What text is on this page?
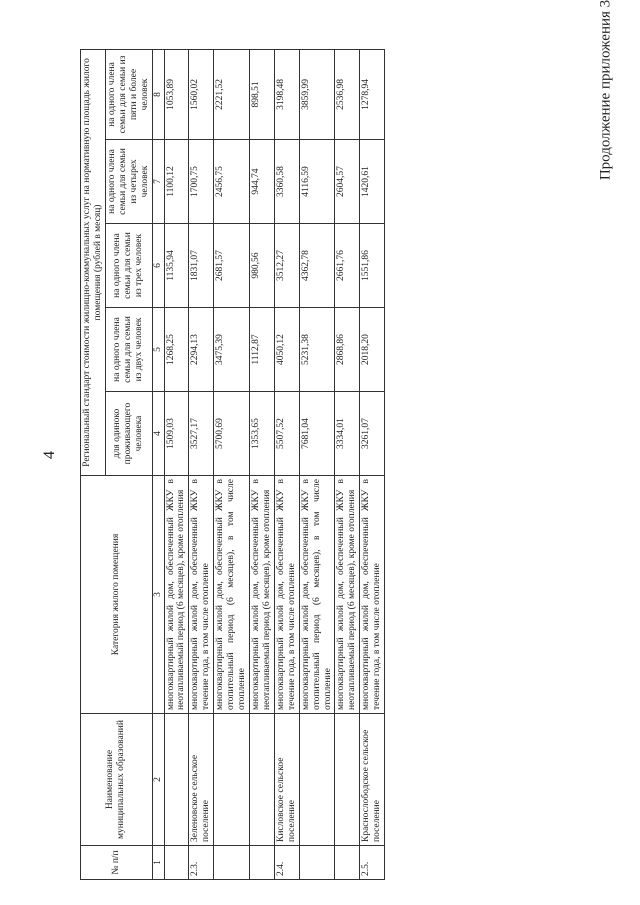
4
Продолжение приложения 3
№ п/п	Наименование муниципальных образований	Категория жилого помещения	Региональный стандарт стоимости жилищно-коммунальных услуг на нормативную площадь жилого помещения (рублей в месяц)				
			для одиноко проживающего человека	на одного члена семьи для семьи из двух человек	на одного члена семьи для семьи из трех человек	на одного члена семьи для семьи из четырех человек	на одного члена семьи для семьи из пяти и более человек
1	2	3	4	5	6	7	8
		многоквартирный жилой дом, обеспеченный ЖКУ в неотапливаемый период (6 месяцев), кроме отопления	1509,03	1268,25	1135,94	1100,12	1053,89
2.3.	Зеленовское сельское поселение	многоквартирный жилой дом, обеспеченный ЖКУ в течение года, в том числе отопление	3527,17	2294,13	1831,07	1700,75	1560,02
		многоквартирный жилой дом, обеспеченный ЖКУ в отопительный период (6 месяцев), в том числе отопление	5700,69	3475,39	2681,57	2456,75	2221,52
		многоквартирный жилой дом, обеспеченный ЖКУ в неотапливаемый период (6 месяцев), кроме отопления	1353,65	1112,87	980,56	944,74	898,51
2.4.	Кисловское сельское поселение	многоквартирный жилой дом, обеспеченный ЖКУ в течение года, в том числе отопление	5507,52	4050,12	3512,27	3360,58	3198,48
		многоквартирный жилой дом, обеспеченный ЖКУ в отопительный период (6 месяцев), в том числе отопление	7681,04	5231,38	4362,78	4116,59	3859,99
		многоквартирный жилой дом, обеспеченный ЖКУ в неотапливаемый период (6 месяцев), кроме отопления	3334,01	2868,86	2661,76	2604,57	2536,98
2.5.	Краснослободское сельское поселение	многоквартирный жилой дом, обеспеченный ЖКУ в течение года, в том числе отопление	3261,07	2018,20	1551,86	1420,61	1278,94
